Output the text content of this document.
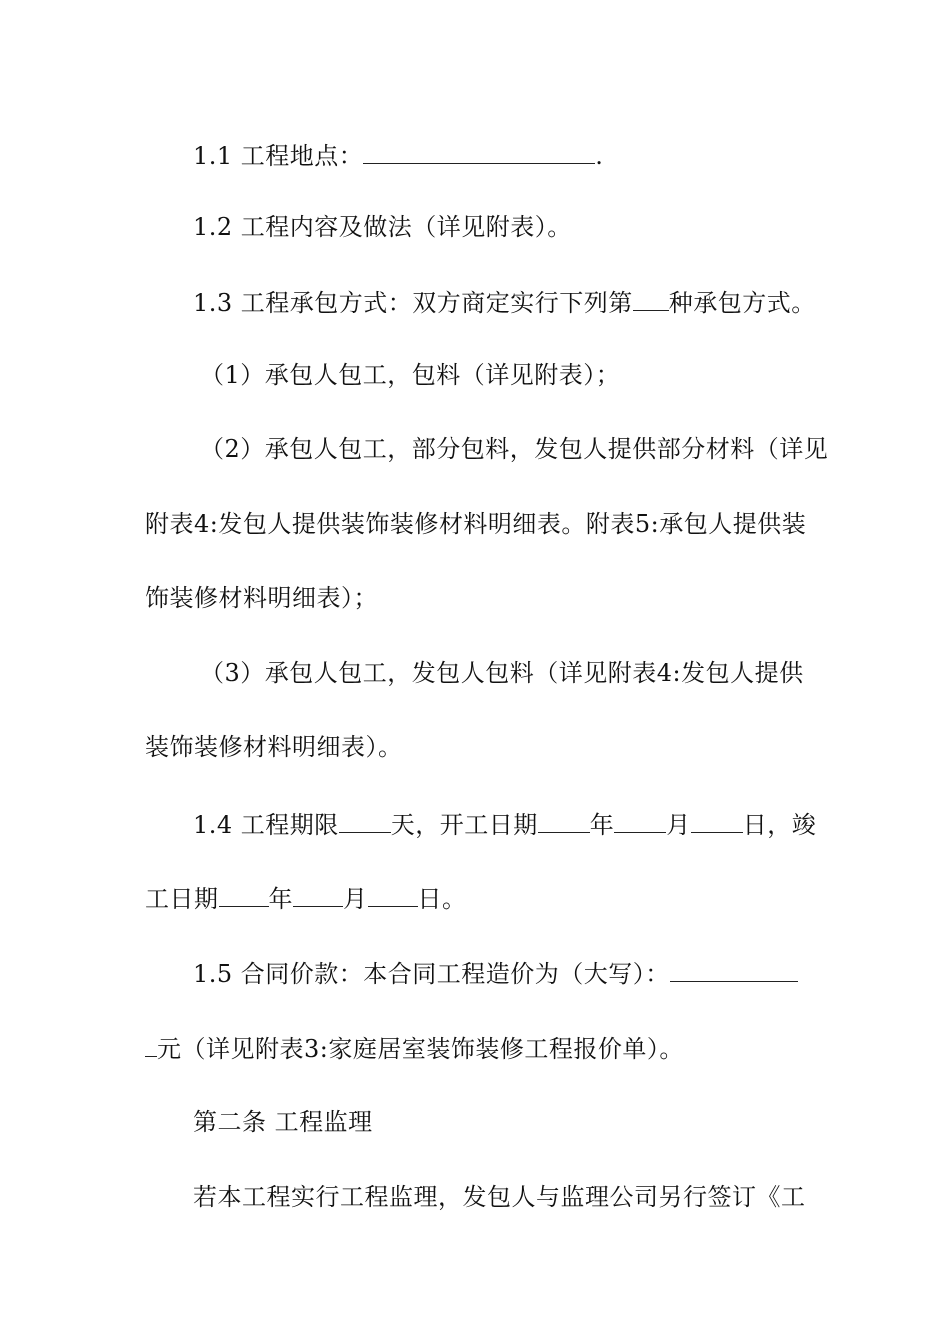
1.1 工程地点：	.
1.2 工程内容及做法（详见附表）。
1.3 工程承包方式：双方商定实行下列第 种承包方式。
（1）承包人包工，包料（详见附表）；
（2）承包人包工，部分包料，发包人提供部分材料（详见
附表4:发包人提供装饰装修材料明细表。附表5:承包人提供装
饰装修材料明细表）；
（3）承包人包工，发包人包料（详见附表4:发包人提供
装饰装修材料明细表）。
1.4 工程期限 天，开工日期 年 月 日，竣
工日期 年 月 日。
1.5 合同价款：本合同工程造价为（大写）：
元（详见附表3:家庭居室装饰装修工程报价单）。
第二条 工程监理
若本工程实行工程监理，发包人与监理公司另行签订《工
